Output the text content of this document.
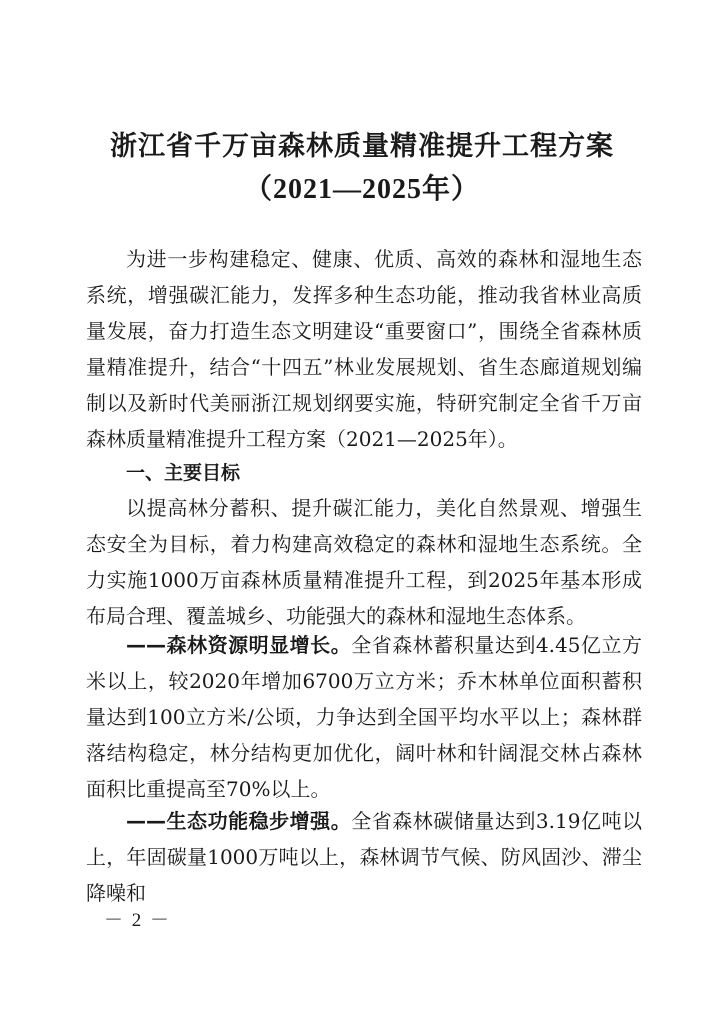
浙江省千万亩森林质量精准提升工程方案
（2021—2025年）

为进一步构建稳定、健康、优质、高效的森林和湿地生态系统，增强碳汇能力，发挥多种生态功能，推动我省林业高质量发展，奋力打造生态文明建设“重要窗口”，围绕全省森林质量精准提升，结合“十四五”林业发展规划、省生态廊道规划编制以及新时代美丽浙江规划纲要实施，特研究制定全省千万亩森林质量精准提升工程方案（2021—2025年）。

一、主要目标

以提高林分蓄积、提升碳汇能力，美化自然景观、增强生态安全为目标，着力构建高效稳定的森林和湿地生态系统。全力实施1000万亩森林质量精准提升工程，到2025年基本形成布局合理、覆盖城乡、功能强大的森林和湿地生态体系。

——森林资源明显增长。全省森林蓄积量达到4.45亿立方米以上，较2020年增加6700万立方米；乔木林单位面积蓄积量达到100立方米/公顷，力争达到全国平均水平以上；森林群落结构稳定，林分结构更加优化，阔叶林和针阔混交林占森林面积比重提高至70%以上。

——生态功能稳步增强。全省森林碳储量达到3.19亿吨以上，年固碳量1000万吨以上，森林调节气候、防风固沙、滞尘降噪和

－ 2 －
